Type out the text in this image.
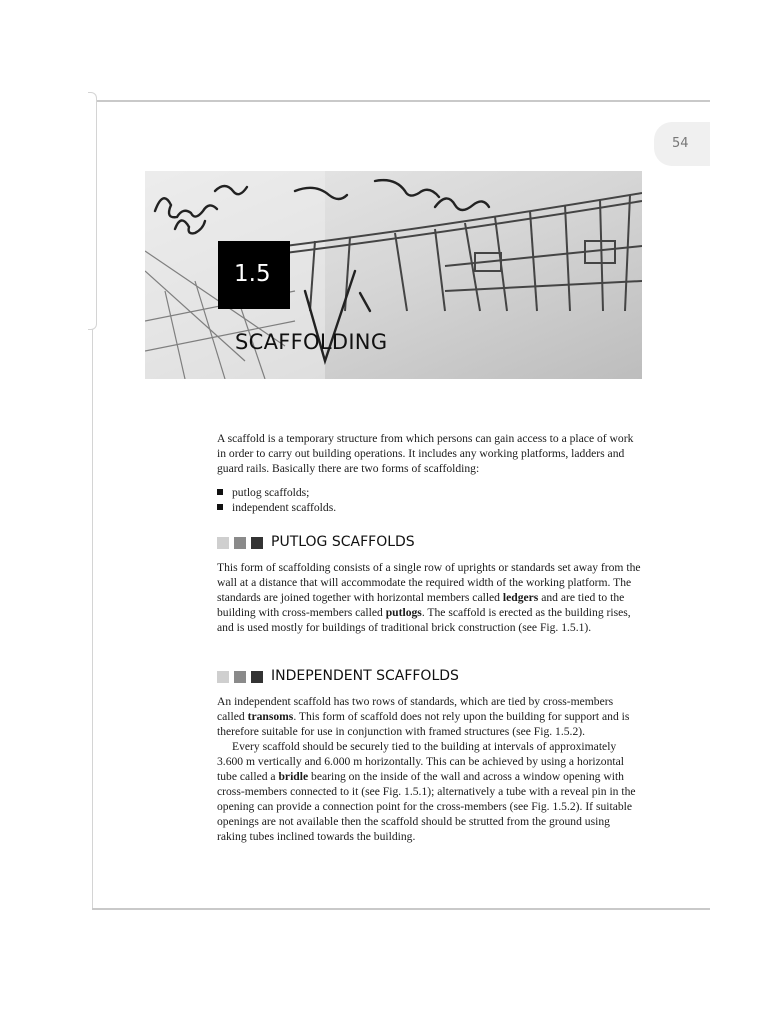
54
1.5
SCAFFOLDING

A scaffold is a temporary structure from which persons can gain access to a place of work in order to carry out building operations. It includes any working platforms, ladders and guard rails. Basically there are two forms of scaffolding:

putlog scaffolds;
independent scaffolds.
PUTLOG SCAFFOLDS

This form of scaffolding consists of a single row of uprights or standards set away from the wall at a distance that will accommodate the required width of the working platform. The standards are joined together with horizontal members called ledgers and are tied to the building with cross-members called putlogs. The scaffold is erected as the building rises, and is used mostly for buildings of traditional brick construction (see Fig. 1.5.1).

INDEPENDENT SCAFFOLDS

An independent scaffold has two rows of standards, which are tied by cross-members called transoms. This form of scaffold does not rely upon the building for support and is therefore suitable for use in conjunction with framed structures (see Fig. 1.5.2).

Every scaffold should be securely tied to the building at intervals of approximately 3.600 m vertically and 6.000 m horizontally. This can be achieved by using a horizontal tube called a bridle bearing on the inside of the wall and across a window opening with cross-members connected to it (see Fig. 1.5.1); alternatively a tube with a reveal pin in the opening can provide a connection point for the cross-members (see Fig. 1.5.2). If suitable openings are not available then the scaffold should be strutted from the ground using raking tubes inclined towards the building.
